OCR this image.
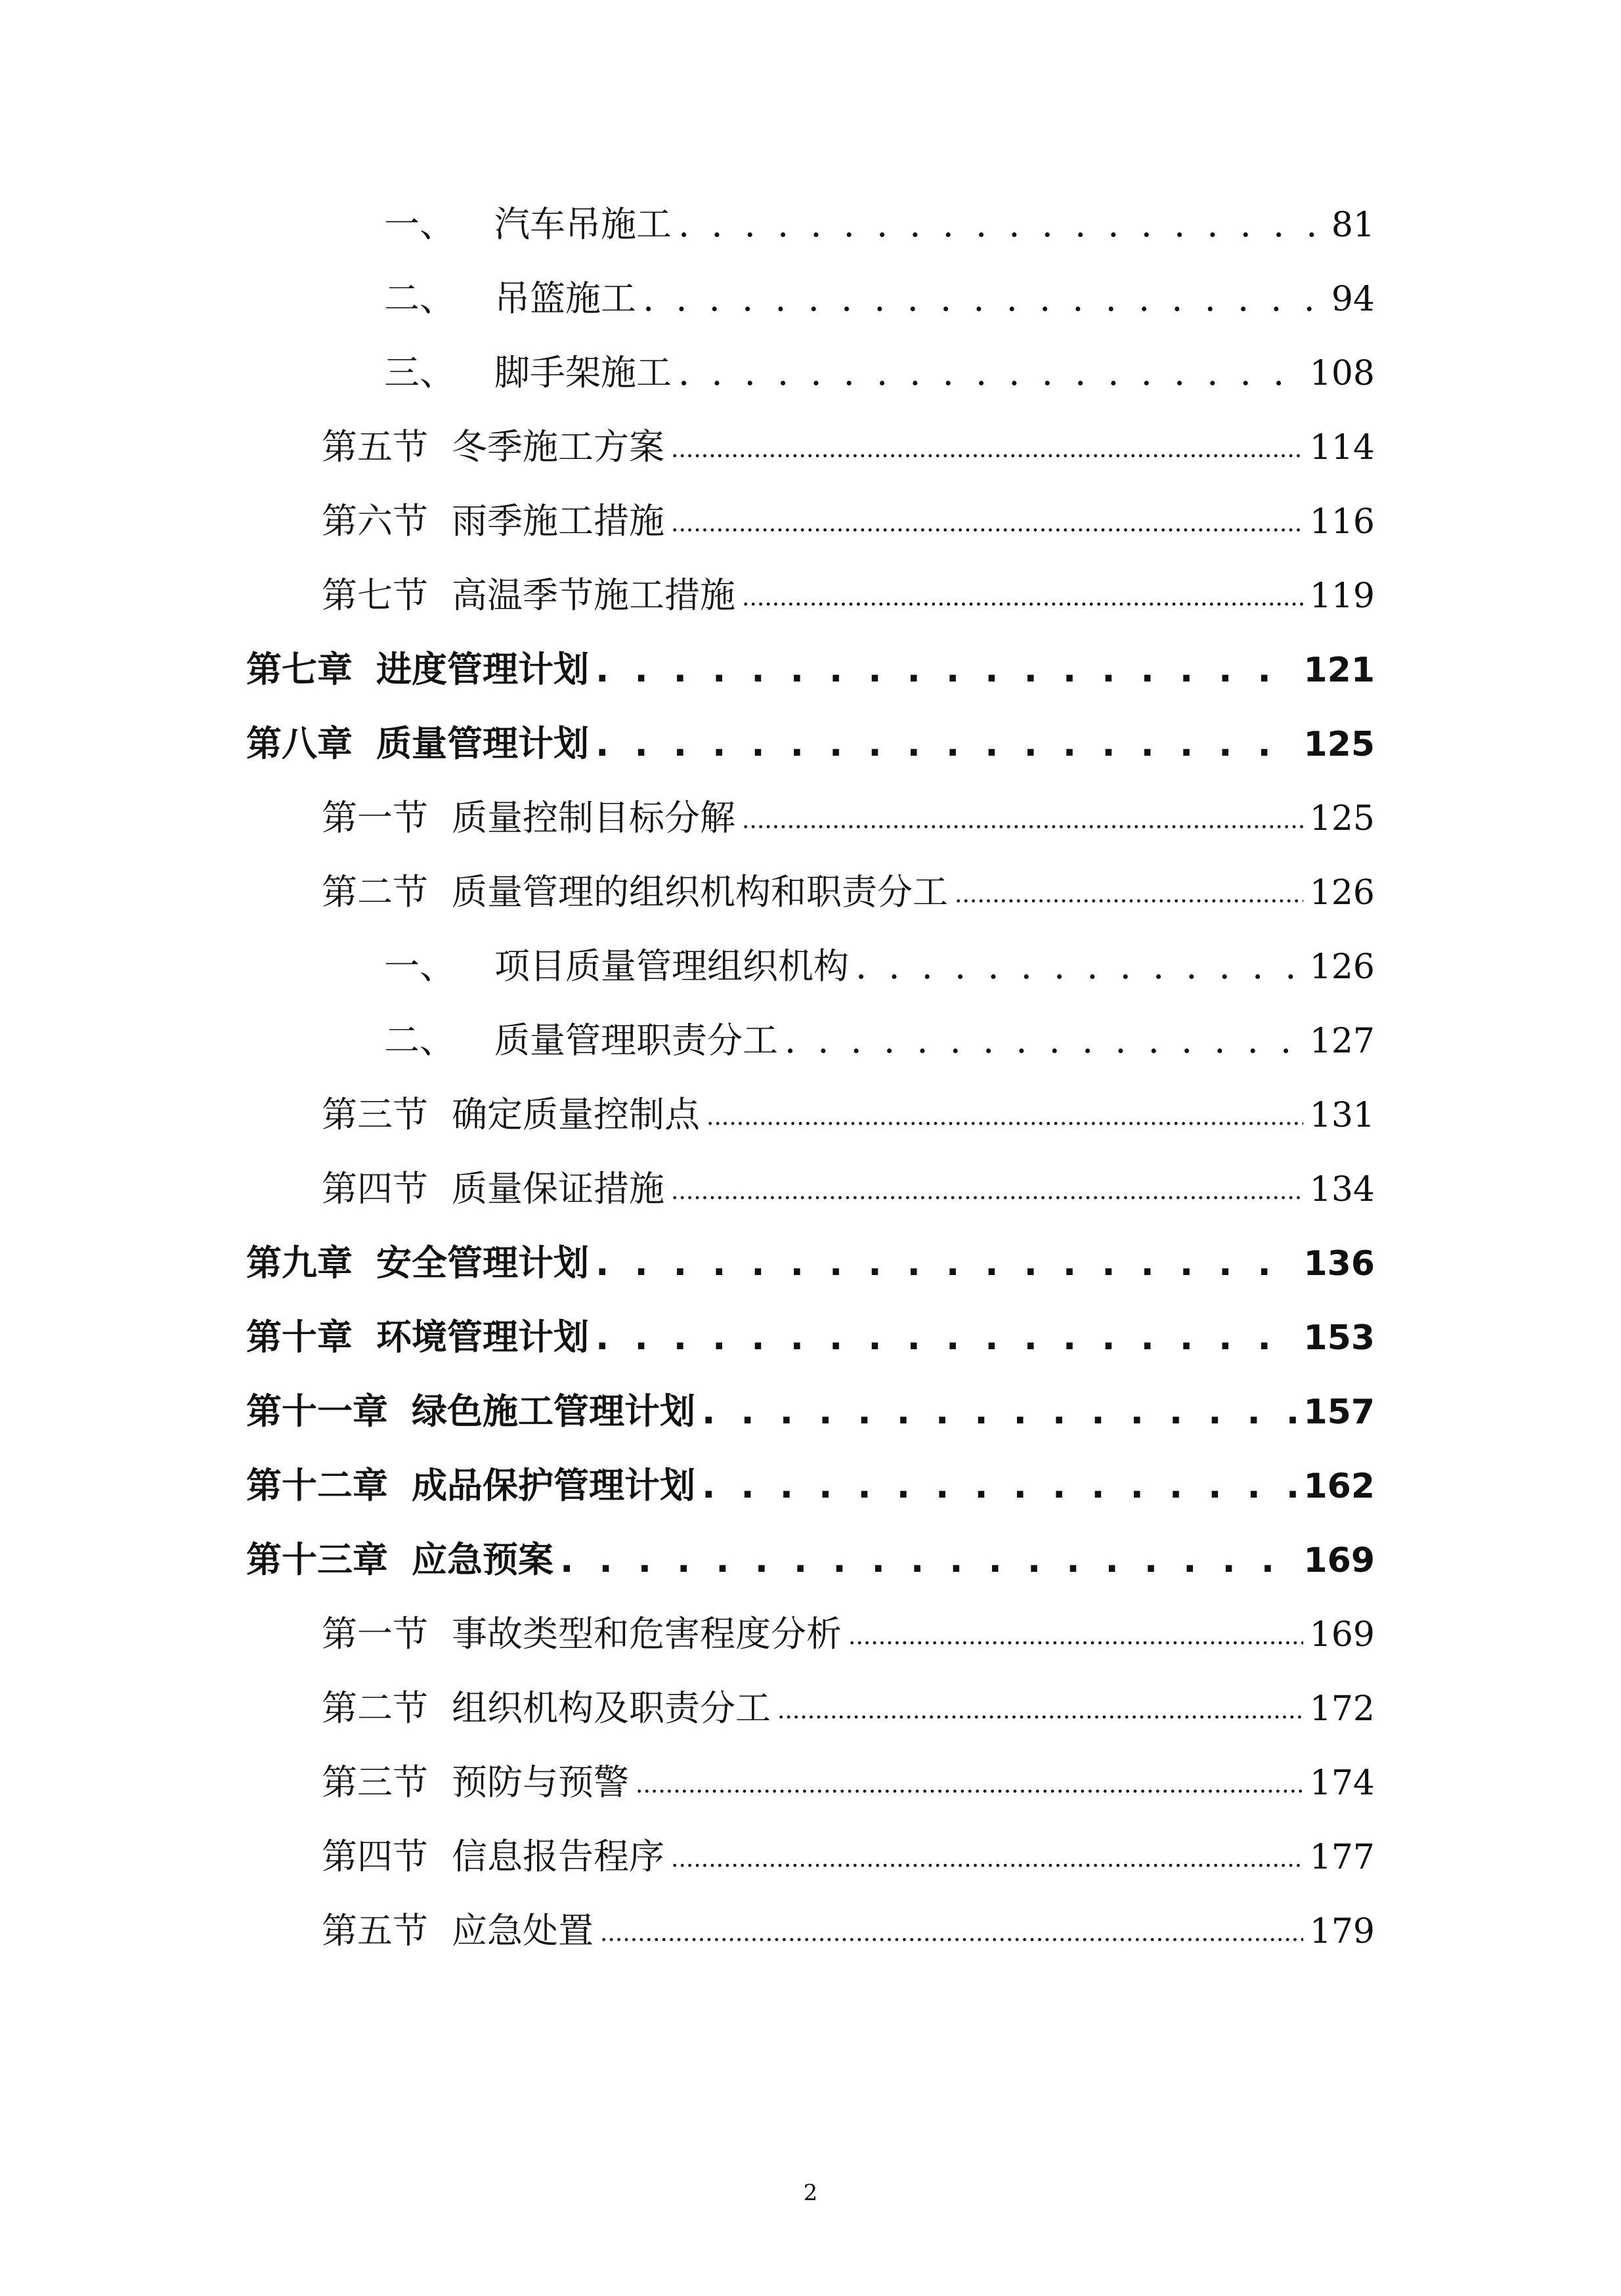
一、 汽车吊施工 . . .	81
二、 吊篮施工 . . .	94
三、 脚手架施工 . . .	108
第五节 冬季施工方案 .....	114
第六节 雨季施工措施 .....	116
第七节 高温季节施工措施 .....	119
第七章 进度管理计划 . . .	121
第八章 质量管理计划 . . .	125
第一节 质量控制目标分解 .....	125
第二节 质量管理的组织机构和职责分工 .....	126
一、 项目质量管理组织机构 . . .	126
二、 质量管理职责分工 . . .	127
第三节 确定质量控制点 .....	131
第四节 质量保证措施 .....	134
第九章 安全管理计划 . . .	136
第十章 环境管理计划 . . .	153
第十一章 绿色施工管理计划 . . .	157
第十二章 成品保护管理计划 . . .	162
第十三章 应急预案 . . .	169
第一节 事故类型和危害程度分析 .....	169
第二节 组织机构及职责分工 .....	172
第三节 预防与预警 .....	174
第四节 信息报告程序 .....	177
第五节 应急处置 .....	179
2
